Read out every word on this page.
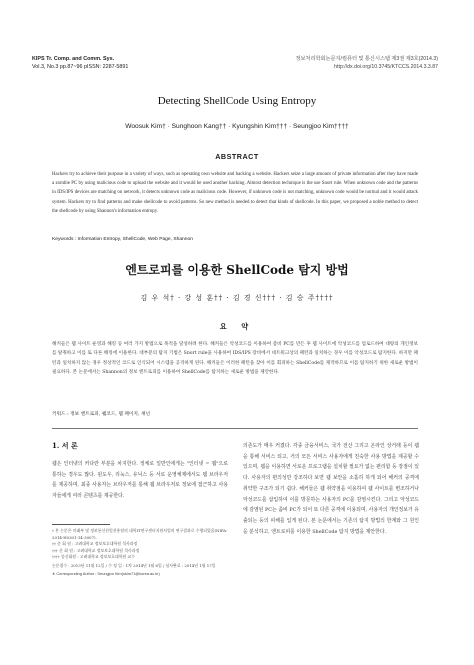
KIPS Tr. Comp. and Comm. Sys.
Vol.3, No.3 pp.87~96 pISSN: 2287-5891
정보처리학회논문지/컴퓨터 및 통신시스템 제3권 제3호(2014.3)
http://dx.doi.org/10.3745/KTCCS.2014.3.3.87
Detecting ShellCode Using Entropy
Woosuk Kim† · Sunghoon Kang†† · Kyungshin Kim††† · Seungjoo Kim††††
ABSTRACT
Hackers try to achieve their purpose in a variety of ways, such as operating own website and hacking a website. Hackers seize a large amount of private information after they have made a zombie PC by using malicious code to upload the website and it would be used another hacking. Almost detection technique is the use Snort rule. When unknown code and the patterns in IDS/IPS devices are matching on network, it detects unknown code as malicious code. However, if unknown code is not matching, unknown code would be normal and it would attack system. Hackers try to find patterns and make shellcode to avoid patterns. So new method is needed to detect that kinds of shellcode. In this paper, we proposed a noble method to detect the shellcode by using Shannon's information entropy.
Keywords : Information Entropy, ShellCode, Web Page, Shannon
엔트로피를 이용한 ShellCode 탐지 방법
김 우 석† · 강 성 훈†† · 김 경 신††† · 김 승 주††††
요 약
해커들은 웹 사이트 운영과 해킹 등 여러 가지 방법으로 목적을 달성하려 한다. 해커들은 악성코드를 이용하여 좀비 PC를 만든 후 웹 사이트에 악성코드를 업로드하여 대량의 개인정보를 탈취하고 이를 또 다른 해킹에 이용한다. 대부분의 탐지 기법은 Snort rule을 사용하여 IDS/IPS 장비에서 네트워크상의 패턴과 일치하는 경우 이를 악성코드로 탐지한다. 하지만 패턴과 일치하지 않는 경우 정상적인 코드로 인식되어 시스템을 공격하게 된다. 해커들은 이러한 패턴을 찾아 이를 회피하는 ShellCode를 제작하므로 이를 탐지하기 위한 새로운 방법이 필요하다. 본 논문에서는 Shannon의 정보 엔트로피를 이용하여 ShellCode를 탐지하는 새로운 방법을 제안한다.
키워드 : 정보 엔트로피, 쉘코드, 웹 페이지, 섀넌
1. 서 론
웹은 인터넷의 커다란 부분을 차지한다. 정체로 일반인에게는 "인터넷 = 웹"으로 통하는 경우도 많다. 윈도우, 리눅스, 유닉스 등 서로 운영체제에서도 웹 브라우저를 제공하며, 최종 사용자는 브라우저를 통해 웹 브라우저로 정보에 접근하고 사용자들에게 여러 콘텐츠를 제공한다.
의존도가 매우 커졌다. 각종 금융서비스, 국가 전산 그리고 온라인 상거래 등이 웹을 통해 서비스 되고, 거의 모든 서비스 사용자에게 친숙한 사용 방법을 제공할 수 있으며, 웹을 이용하면 서로운 프로그램을 설치할 필요가 없는 편리함 등 장점이 있다. 사용자의 편의성만 강조하다 보면 웹 보안을 소홀히 하게 되어 해커의 공격에 취약한 구조가 되기 쉽다. 해커들은 웹 취약점을 이용하여 웹 사이트를 변조하거나 악성코드를 삽입하여 이를 방문하는 사용자의 PC를 감염시킨다. 그리고 악성코드에 감염된 PC는 좀비 PC가 되어 또 다른 공격에 이용되며, 사용자의 개인정보가 유출되는 등의 피해를 입게 된다. 본 논문에서는 기존의 탐지 방법의 한계와 그 원인을 분석하고, 엔트로피를 이용한 ShellCode 탐지 방법을 제안한다.
† 본 논문은 미래부 및 정보통신산업진흥원의 대학IT연구센터지원사업의 연구결과로 수행되었음(NIPA-2014-H0301-14-3007).
†† 준 회 원 : 고려대학교 정보보호대학원 석사과정
††† 준 회 원 : 고려대학교 정보보호대학원 석사과정
†††† 종신회원 : 고려대학교 정보보호대학원 교수
논문접수 : 2013년 11월 12일 / 수 정 일 : 1차 2014년 1월 6일 / 심사완료 : 2014년 1월 17일
∗ Corresponding Author : Seungjoo Kim(skim71@korea.ac.kr)
